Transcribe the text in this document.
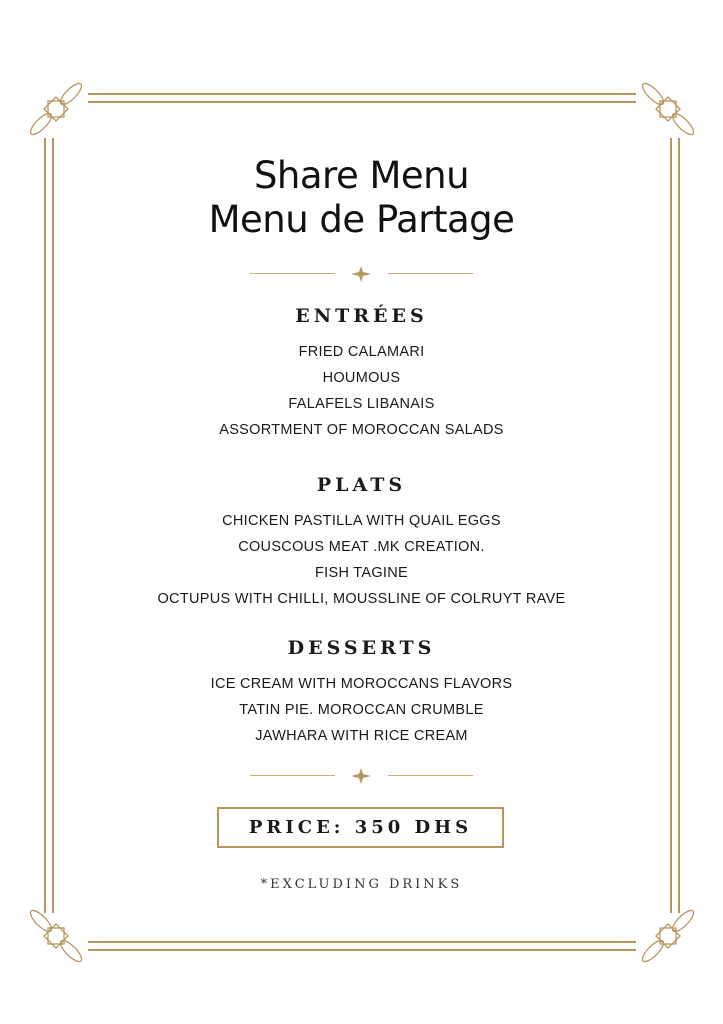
Share Menu
Menu de Partage
ENTRÉES
FRIED CALAMARI
HOUMOUS
FALAFELS LIBANAIS
ASSORTMENT OF MOROCCAN SALADS
PLATS
CHICKEN PASTILLA WITH QUAIL EGGS
COUSCOUS MEAT .MK CREATION.
FISH TAGINE
OCTUPUS WITH CHILLI, MOUSSLINE OF COLRUYT RAVE
DESSERTS
ICE CREAM WITH MOROCCANS FLAVORS
TATIN PIE. MOROCCAN CRUMBLE
JAWHARA WITH RICE CREAM
PRICE: 350 DHS
*EXCLUDING DRINKS
